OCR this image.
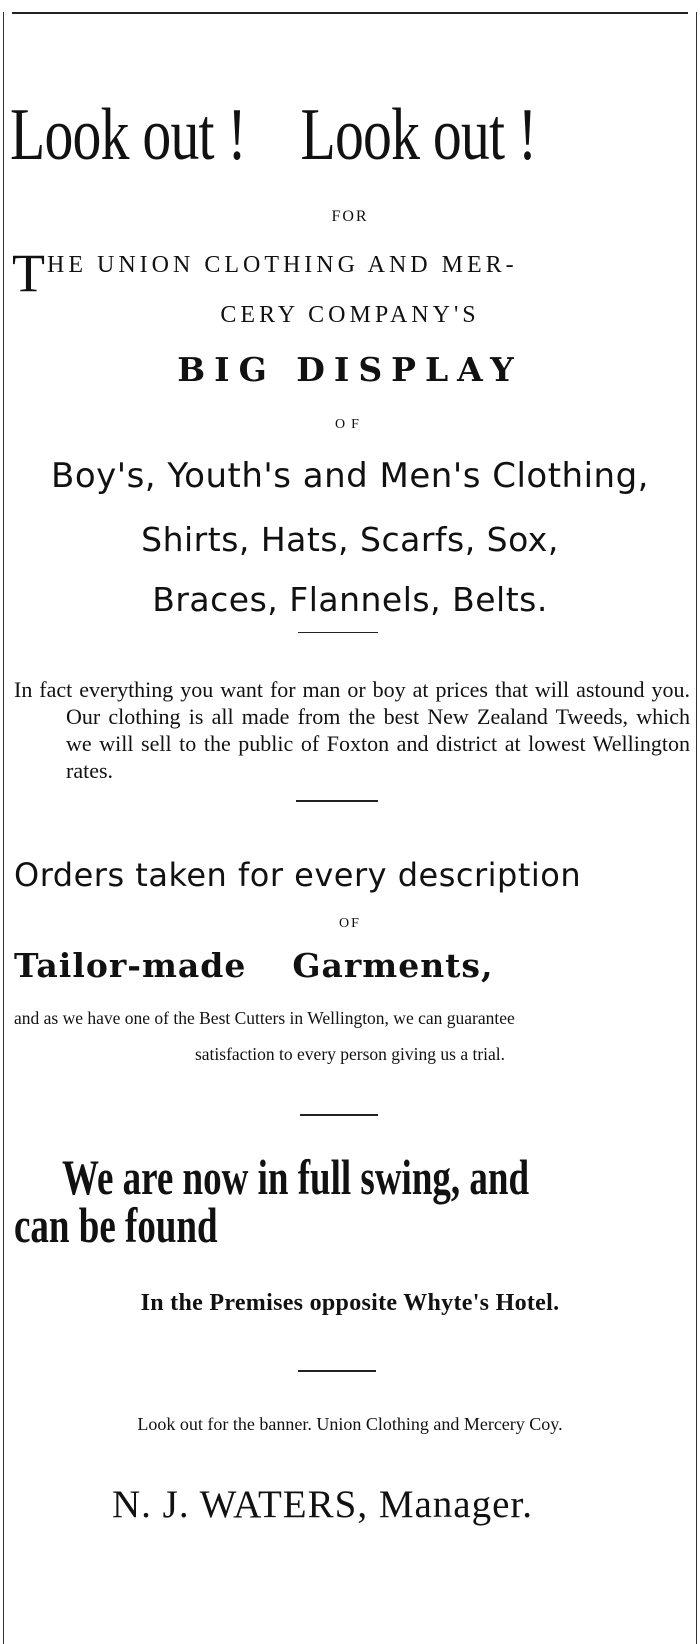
Look out ! Look out !
FOR
THE UNION CLOTHING AND MER-
CERY COMPANY'S
BIG DISPLAY
OF
Boy's, Youth's and Men's Clothing,
Shirts, Hats, Scarfs, Sox,
Braces, Flannels, Belts.
In fact everything you want for man or boy at prices that will astound you. Our clothing is all made from the best New Zealand Tweeds, which we will sell to the public of Foxton and district at lowest Wellington rates.
Orders taken for every description
OF
Tailor-made Garments,
and as we have one of the Best Cutters in Wellington, we can guarantee
satisfaction to every person giving us a trial.
We are now in full swing, and
can be found
In the Premises opposite Whyte's Hotel.
Look out for the banner. Union Clothing and Mercery Coy.
N. J. WATERS, Manager.
